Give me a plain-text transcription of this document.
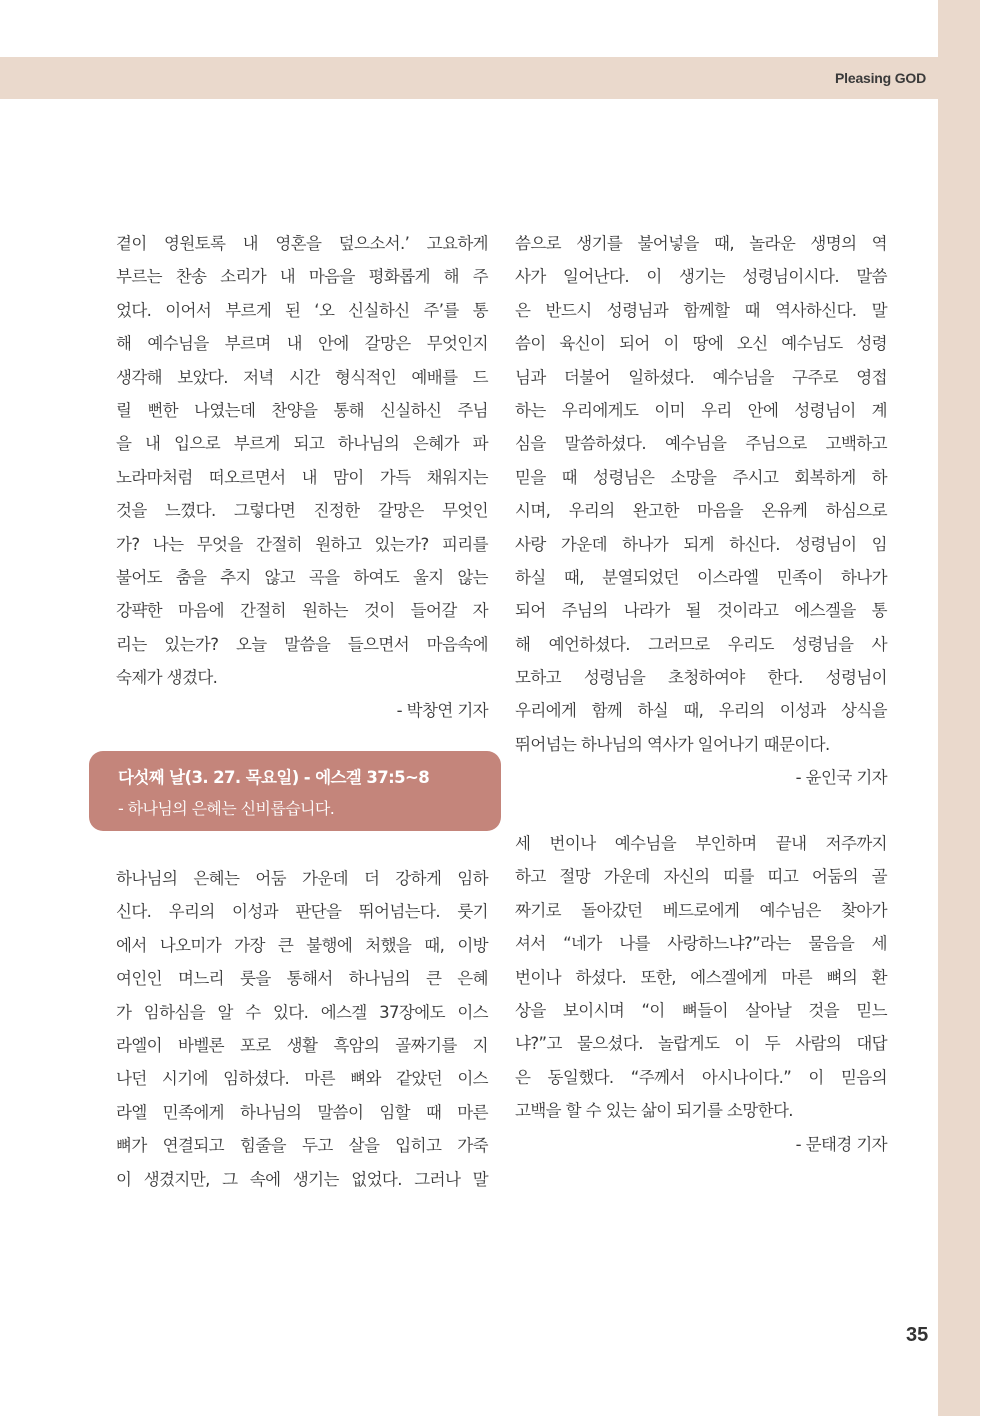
Pleasing GOD
곁이 영원토록 내 영혼을 덮으소서.’ 고요하게
부르는 찬송 소리가 내 마음을 평화롭게 해 주
었다. 이어서 부르게 된 ‘오 신실하신 주’를 통
해 예수님을 부르며 내 안에 갈망은 무엇인지
생각해 보았다. 저녁 시간 형식적인 예배를 드
릴 뻔한 나였는데 찬양을 통해 신실하신 주님
을 내 입으로 부르게 되고 하나님의 은혜가 파
노라마처럼 떠오르면서 내 맘이 가득 채워지는
것을 느꼈다. 그렇다면 진정한 갈망은 무엇인
가? 나는 무엇을 간절히 원하고 있는가? 피리를
불어도 춤을 추지 않고 곡을 하여도 울지 않는
강퍅한 마음에 간절히 원하는 것이 들어갈 자
리는 있는가? 오늘 말씀을 들으면서 마음속에
숙제가 생겼다.
- 박창연 기자
다섯째 날(3. 27. 목요일) - 에스겔 37:5~8
- 하나님의 은혜는 신비롭습니다.
하나님의 은혜는 어둠 가운데 더 강하게 임하
신다. 우리의 이성과 판단을 뛰어넘는다. 룻기
에서 나오미가 가장 큰 불행에 처했을 때, 이방
여인인 며느리 룻을 통해서 하나님의 큰 은혜
가 임하심을 알 수 있다. 에스겔 37장에도 이스
라엘이 바벨론 포로 생활 흑암의 골짜기를 지
나던 시기에 임하셨다. 마른 뼈와 같았던 이스
라엘 민족에게 하나님의 말씀이 임할 때 마른
뼈가 연결되고 힘줄을 두고 살을 입히고 가죽
이 생겼지만, 그 속에 생기는 없었다. 그러나 말
씀으로 생기를 불어넣을 때, 놀라운 생명의 역
사가 일어난다. 이 생기는 성령님이시다. 말씀
은 반드시 성령님과 함께할 때 역사하신다. 말
씀이 육신이 되어 이 땅에 오신 예수님도 성령
님과 더불어 일하셨다. 예수님을 구주로 영접
하는 우리에게도 이미 우리 안에 성령님이 계
심을 말씀하셨다. 예수님을 주님으로 고백하고
믿을 때 성령님은 소망을 주시고 회복하게 하
시며, 우리의 완고한 마음을 온유케 하심으로
사랑 가운데 하나가 되게 하신다. 성령님이 임
하실 때, 분열되었던 이스라엘 민족이 하나가
되어 주님의 나라가 될 것이라고 에스겔을 통
해 예언하셨다. 그러므로 우리도 성령님을 사
모하고 성령님을 초청하여야 한다. 성령님이
우리에게 함께 하실 때, 우리의 이성과 상식을
뛰어넘는 하나님의 역사가 일어나기 때문이다.
- 윤인국 기자
세 번이나 예수님을 부인하며 끝내 저주까지
하고 절망 가운데 자신의 띠를 띠고 어둠의 골
짜기로 돌아갔던 베드로에게 예수님은 찾아가
셔서 “네가 나를 사랑하느냐?”라는 물음을 세
번이나 하셨다. 또한, 에스겔에게 마른 뼈의 환
상을 보이시며 “이 뼈들이 살아날 것을 믿느
냐?”고 물으셨다. 놀랍게도 이 두 사람의 대답
은 동일했다. “주께서 아시나이다.” 이 믿음의
고백을 할 수 있는 삶이 되기를 소망한다.
- 문태경 기자
35
